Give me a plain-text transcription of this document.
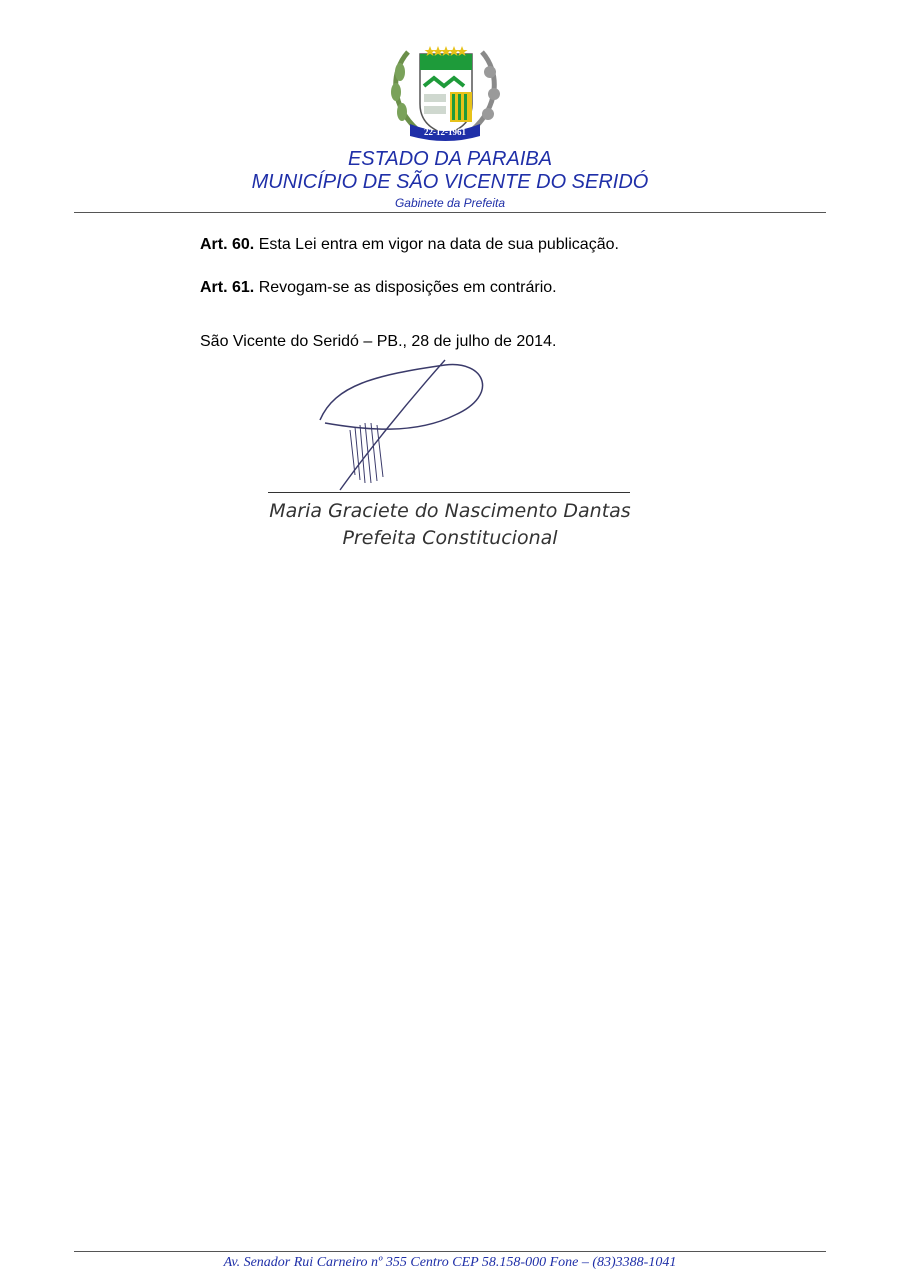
22-12-1961
ESTADO DA PARAIBA
MUNICÍPIO DE SÃO VICENTE DO SERIDÓ
Gabinete da Prefeita
Art. 60. Esta Lei entra em vigor na data de sua publicação.
Art. 61. Revogam-se as disposições em contrário.
São Vicente do Seridó – PB., 28 de julho de 2014.
Maria Graciete do Nascimento Dantas
Prefeita Constitucional
Av. Senador Rui Carneiro nº 355 Centro CEP 58.158-000 Fone – (83)3388-1041
